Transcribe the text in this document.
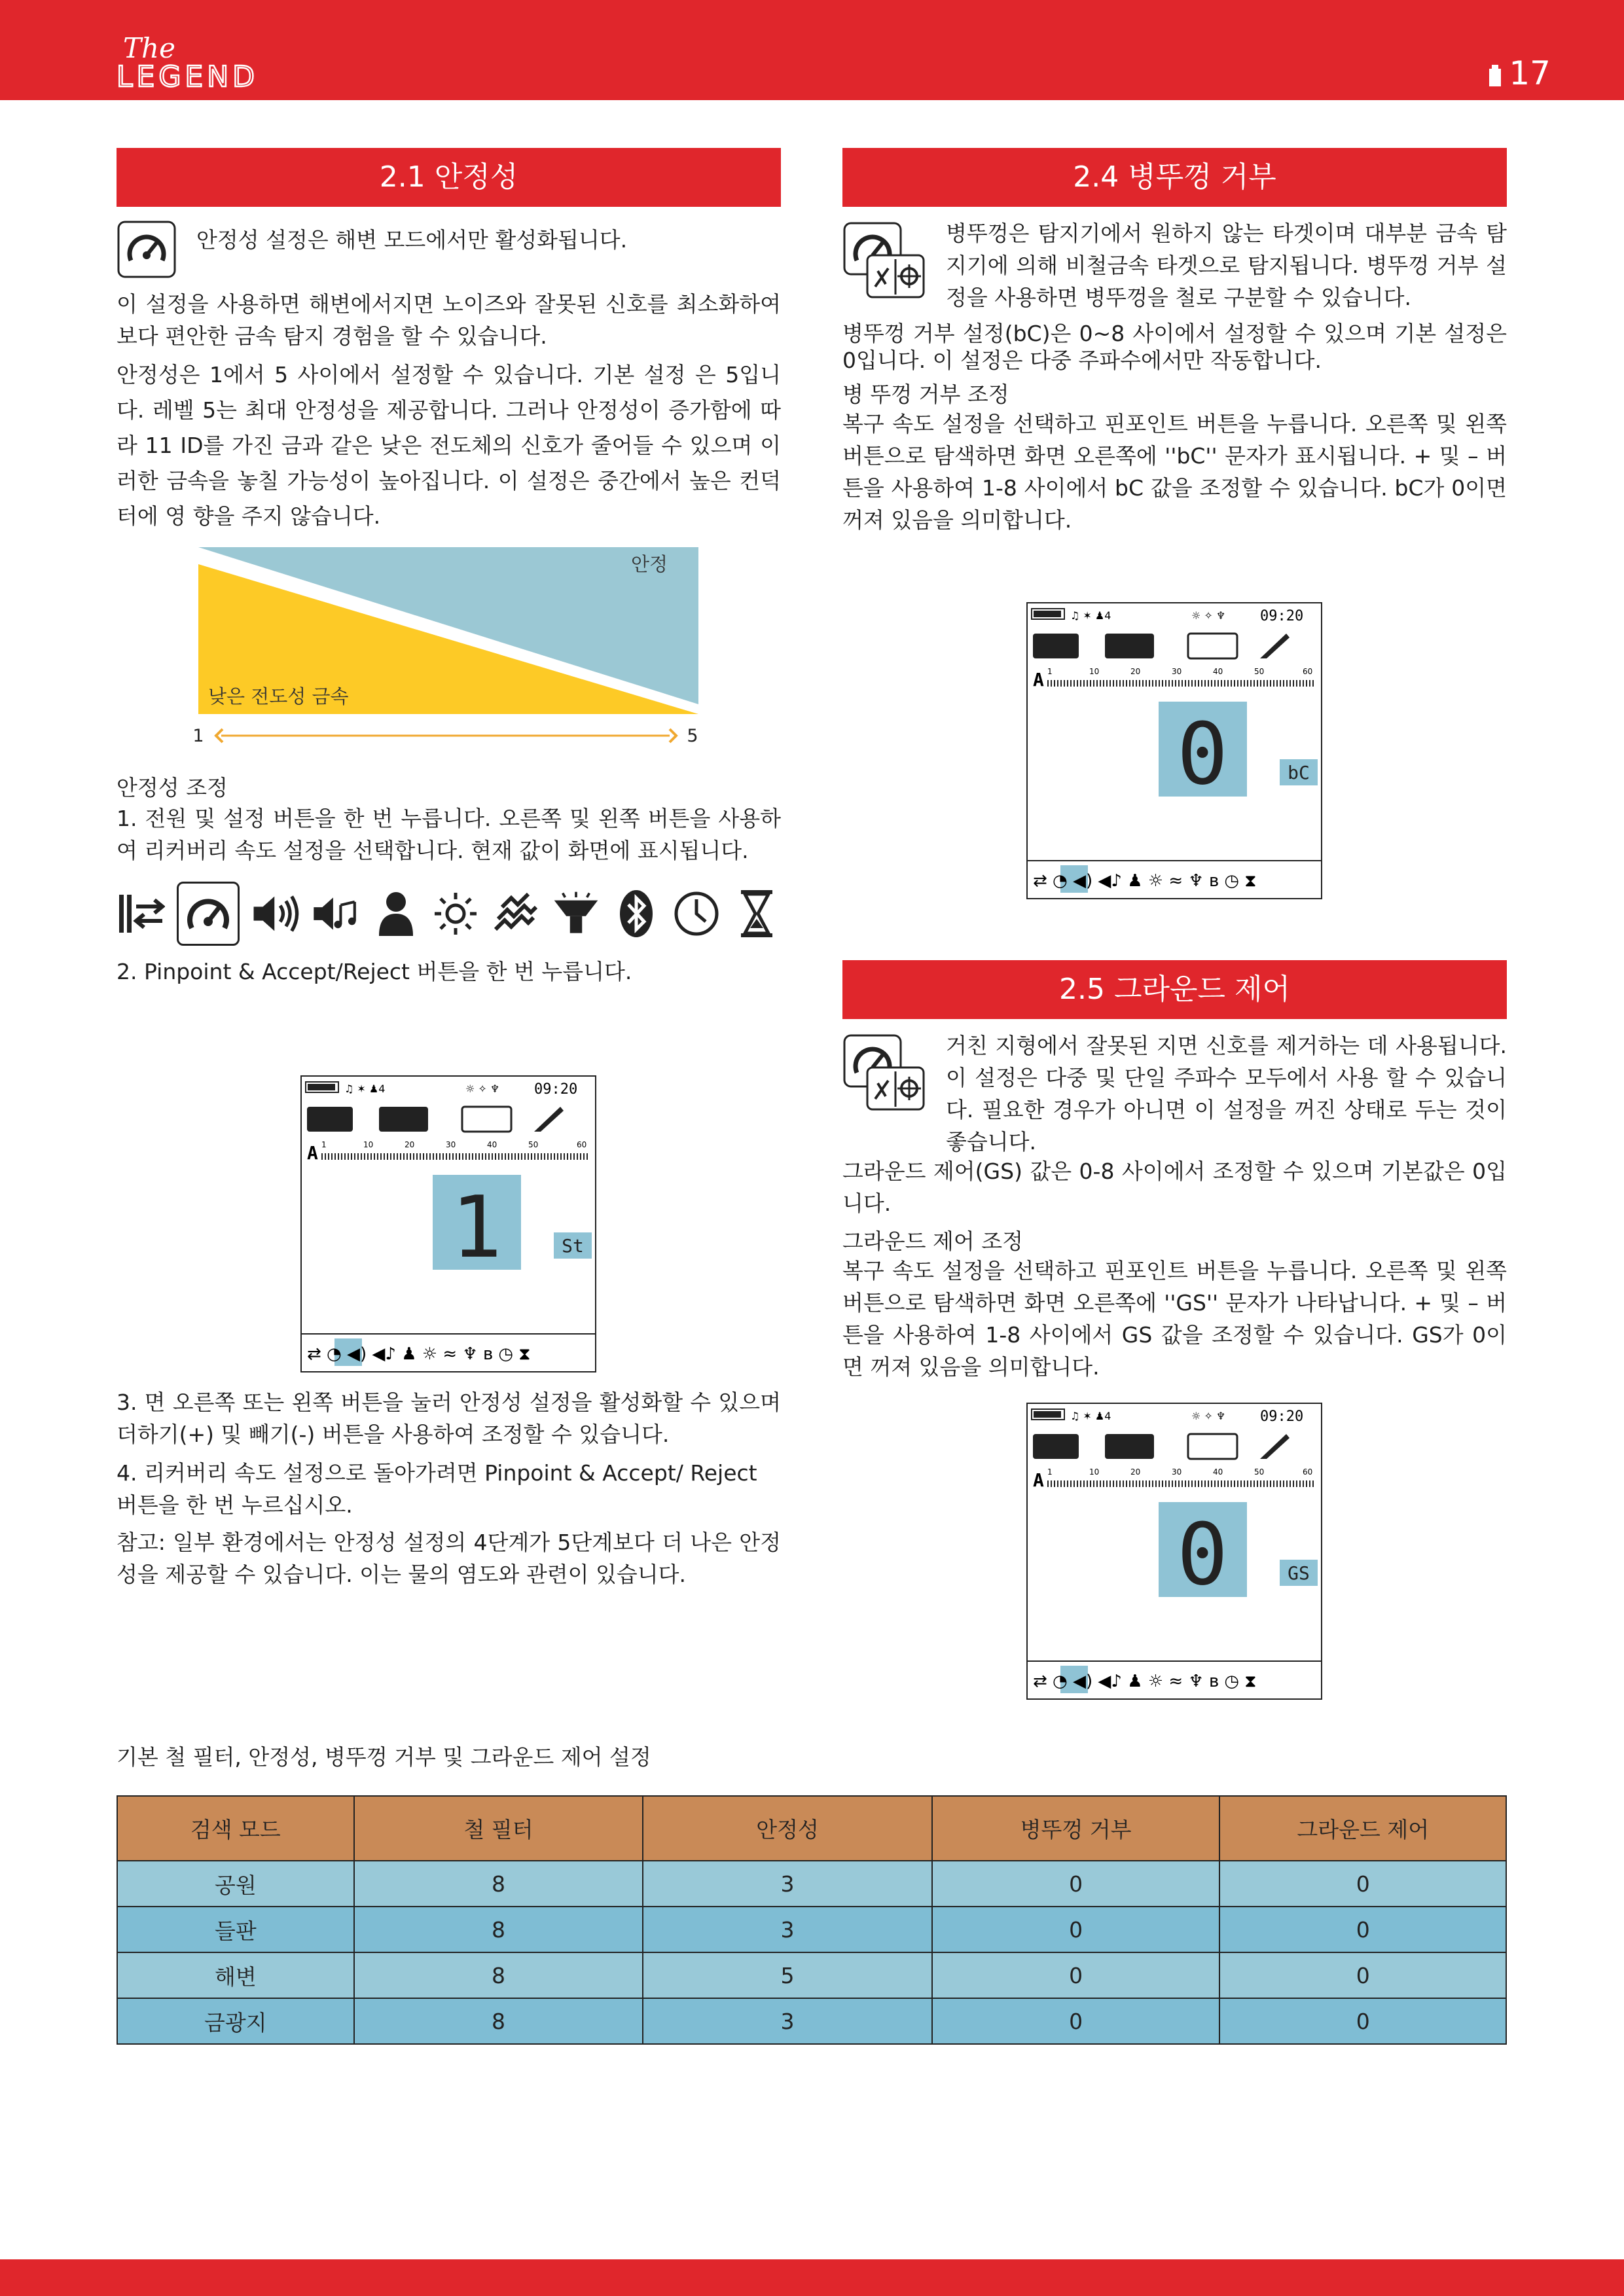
The
LEGEND	17
2.1 안정성

안정성 설정은 해변 모드에서만 활성화됩니다.

이 설정을 사용하면 해변에서지면 노이즈와 잘못된 신호를 최소화하여 보다 편안한 금속 탐지 경험을 할 수 있습니다.

안정성은 1에서 5 사이에서 설정할 수 있습니다. 기본 설정 은 5입니다. 레벨 5는 최대 안정성을 제공합니다. 그러나 안정성이 증가함에 따라 11 ID를 가진 금과 같은 낮은 전도체의 신호가 줄어들 수 있으며 이러한 금속을 놓칠 가능성이 높아집니다. 이 설정은 중간에서 높은 컨덕터에 영 향을 주지 않습니다.

안정
낮은 전도성 금속
1	5

안정성 조정

1. 전원 및 설정 버튼을 한 번 누릅니다. 오른쪽 및 왼쪽 버튼을 사용하여 리커버리 속도 설정을 선택합니다. 현재 값이 화면에 표시됩니다.

2. Pinpoint & Accept/Reject 버튼을 한 번 누릅니다.

♫ ✶ ♟4	☼ ✧ ♆ 09:20
A 1	10	20	30	40	50	60
1	St
⇄ ◔ ◀) ◀♪ ♟ ☼ ≈ ♆ ʙ ◷ ⧗

3. 면 오른쪽 또는 왼쪽 버튼을 눌러 안정성 설정을 활성화할 수 있으며 더하기(+) 및 빼기(-) 버튼을 사용하여 조정할 수 있습니다.

4. 리커버리 속도 설정으로 돌아가려면 Pinpoint & Accept/ Reject 버튼을 한 번 누르십시오.

참고: 일부 환경에서는 안정성 설정의 4단계가 5단계보다 더 나은 안정성을 제공할 수 있습니다. 이는 물의 염도와 관련이 있습니다.

2.4 병뚜껑 거부

병뚜껑은 탐지기에서 원하지 않는 타겟이며 대부분 금속 탐지기에 의해 비철금속 타겟으로 탐지됩니다. 병뚜껑 거부 설정을 사용하면 병뚜껑을 철로 구분할 수 있습니다.

병뚜껑 거부 설정(bC)은 0~8 사이에서 설정할 수 있으며 기본 설정은 0입니다. 이 설정은 다중 주파수에서만 작동합니다.

병 뚜껑 거부 조정

복구 속도 설정을 선택하고 핀포인트 버튼을 누릅니다. 오른쪽 및 왼쪽 버튼으로 탐색하면 화면 오른쪽에 ''bC'' 문자가 표시됩니다. + 및 – 버튼을 사용하여 1-8 사이에서 bC 값을 조정할 수 있습니다. bC가 0이면 꺼져 있음을 의미합니다.

♫ ✶ ♟4	☼ ✧ ♆ 09:20
A 1	10	20	30	40	50	60
0	bC
⇄ ◔ ◀) ◀♪ ♟ ☼ ≈ ♆ ʙ ◷ ⧗
2.5 그라운드 제어

거친 지형에서 잘못된 지면 신호를 제거하는 데 사용됩니다. 이 설정은 다중 및 단일 주파수 모두에서 사용 할 수 있습니다. 필요한 경우가 아니면 이 설정을 꺼진 상태로 두는 것이 좋습니다.

그라운드 제어(GS) 값은 0-8 사이에서 조정할 수 있으며 기본값은 0입니다.

그라운드 제어 조정

복구 속도 설정을 선택하고 핀포인트 버튼을 누릅니다. 오른쪽 및 왼쪽 버튼으로 탐색하면 화면 오른쪽에 ''GS'' 문자가 나타납니다. + 및 – 버튼을 사용하여 1-8 사이에서 GS 값을 조정할 수 있습니다. GS가 0이면 꺼져 있음을 의미합니다.

♫ ✶ ♟4	☼ ✧ ♆ 09:20
A 1	10	20	30	40	50	60
0	GS
⇄ ◔ ◀) ◀♪ ♟ ☼ ≈ ♆ ʙ ◷ ⧗
기본 철 필터, 안정성, 병뚜껑 거부 및 그라운드 제어 설정
검색 모드	철 필터	안정성	병뚜껑 거부	그라운드 제어
공원	8	3	0	0
들판	8	3	0	0
해변	8	5	0	0
금광지	8	3	0	0
